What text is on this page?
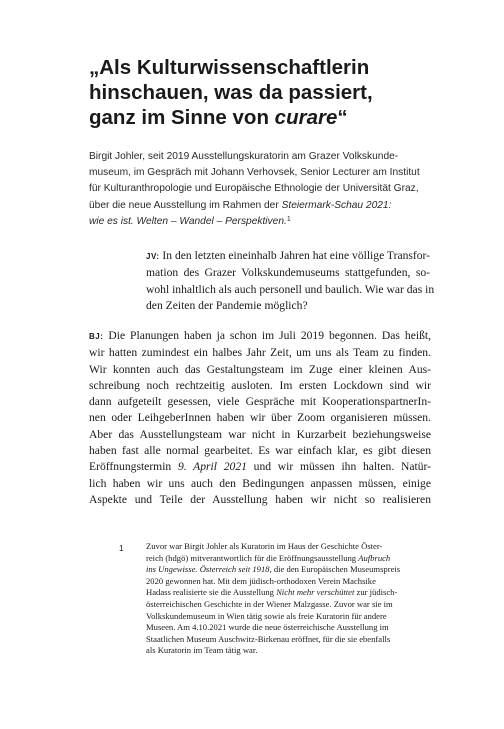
„Als Kulturwissenschaftlerin
hinschauen, was da passiert,
ganz im Sinne von curare“
Birgit Johler, seit 2019 Ausstellungskuratorin am Grazer Volkskunde-
museum, im Gespräch mit Johann Verhovsek, Senior Lecturer am Institut
für Kulturanthropologie und Europäische Ethnologie der Universität Graz,
über die neue Ausstellung im Rahmen der Steiermark-Schau 2021:
wie es ist. Welten – Wandel – Perspektiven.$^1$
JV: In den letzten eineinhalb Jahren hat eine völlige Transfor-
mation des Grazer Volkskundemuseums stattgefunden, so-
wohl inhaltlich als auch personell und baulich. Wie war das in
den Zeiten der Pandemie möglich?
BJ: Die Planungen haben ja schon im Juli 2019 begonnen. Das heißt,
wir hatten zumindest ein halbes Jahr Zeit, um uns als Team zu finden.
Wir konnten auch das Gestaltungsteam im Zuge einer kleinen Aus-
schreibung noch rechtzeitig ausloten. Im ersten Lockdown sind wir
dann aufgeteilt gesessen, viele Gespräche mit KooperationspartnerIn-
nen oder LeihgeberInnen haben wir über Zoom organisieren müssen.
Aber das Ausstellungsteam war nicht in Kurzarbeit beziehungsweise
haben fast alle normal gearbeitet. Es war einfach klar, es gibt diesen
Eröffnungstermin 9. April 2021 und wir müssen ihn halten. Natür-
lich haben wir uns auch den Bedingungen anpassen müssen, einige
Aspekte und Teile der Ausstellung haben wir nicht so realisieren
1	Zuvor war Birgit Johler als Kuratorin im Haus der Geschichte Öster-
reich (hdgö) mitverantwortlich für die Eröffnungsausstellung Aufbruch
ins Ungewisse. Österreich seit 1918, die den Europäischen Museumspreis
2020 gewonnen hat. Mit dem jüdisch-orthodoxen Verein Machsike
Hadass realisierte sie die Ausstellung Nicht mehr verschüttet zur jüdisch-
österreichischen Geschichte in der Wiener Malzgasse. Zuvor war sie im
Volkskundemuseum in Wien tätig sowie als freie Kuratorin für andere
Museen. Am 4.10.2021 wurde die neue österreichische Ausstellung im
Staatlichen Museum Auschwitz-Birkenau eröffnet, für die sie ebenfalls
als Kuratorin im Team tätig war.
